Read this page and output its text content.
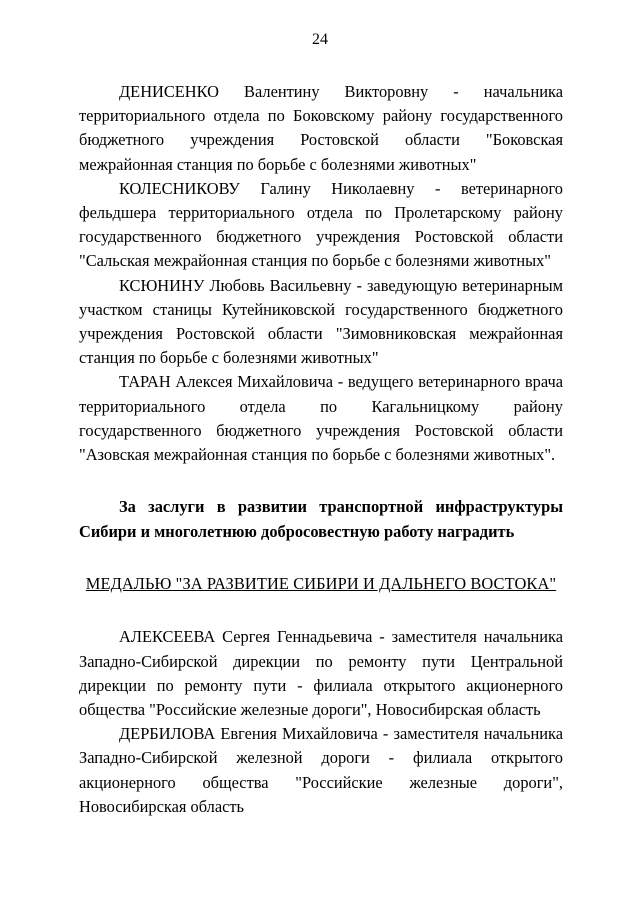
24

ДЕНИСЕНКО Валентину Викторовну - начальника территориального отдела по Боковскому району государственного бюджетного учреждения Ростовской области "Боковская межрайонная станция по борьбе с болезнями животных"

КОЛЕСНИКОВУ Галину Николаевну - ветеринарного фельдшера территориального отдела по Пролетарскому району государственного бюджетного учреждения Ростовской области "Сальская межрайонная станция по борьбе с болезнями животных"

КСЮНИНУ Любовь Васильевну - заведующую ветеринарным участком станицы Кутейниковской государственного бюджетного учреждения Ростовской области "Зимовниковская межрайонная станция по борьбе с болезнями животных"

ТАРАН Алексея Михайловича - ведущего ветеринарного врача территориального отдела по Кагальницкому району государственного бюджетного учреждения Ростовской области "Азовская межрайонная станция по борьбе с болезнями животных".

За заслуги в развитии транспортной инфраструктуры Сибири и многолетнюю добросовестную работу наградить

МЕДАЛЬЮ "ЗА РАЗВИТИЕ СИБИРИ И ДАЛЬНЕГО ВОСТОКА"

АЛЕКСЕЕВА Сергея Геннадьевича - заместителя начальника Западно-Сибирской дирекции по ремонту пути Центральной дирекции по ремонту пути - филиала открытого акционерного общества "Российские железные дороги", Новосибирская область

ДЕРБИЛОВА Евгения Михайловича - заместителя начальника Западно-Сибирской железной дороги - филиала открытого акционерного общества "Российские железные дороги", Новосибирская область
